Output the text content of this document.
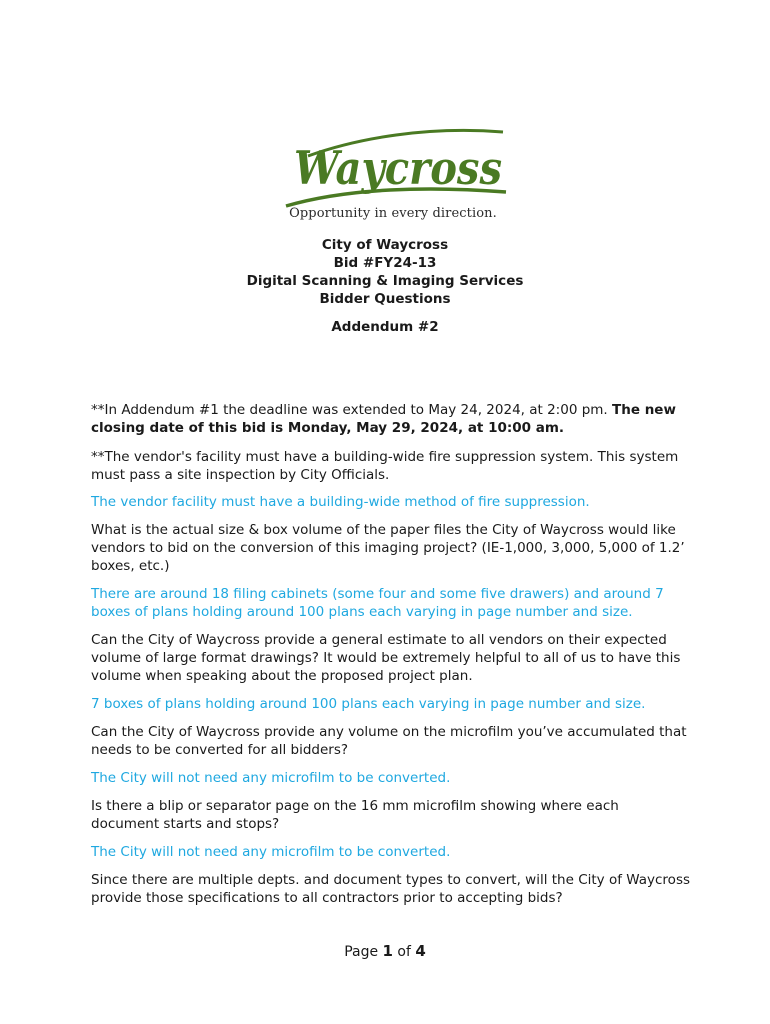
Waycross
Opportunity in every direction.
City of Waycross
Bid #FY24-13
Digital Scanning & Imaging Services
Bidder Questions
Addendum #2

**In Addendum #1 the deadline was extended to May 24, 2024, at 2:00 pm. The new closing date of this bid is Monday, May 29, 2024, at 10:00 am.

**The vendor's facility must have a building-wide fire suppression system. This system must pass a site inspection by City Officials.

The vendor facility must have a building-wide method of fire suppression.

What is the actual size & box volume of the paper files the City of Waycross would like vendors to bid on the conversion of this imaging project? (IE-1,000, 3,000, 5,000 of 1.2’ boxes, etc.)

There are around 18 filing cabinets (some four and some five drawers) and around 7 boxes of plans holding around 100 plans each varying in page number and size.

Can the City of Waycross provide a general estimate to all vendors on their expected volume of large format drawings? It would be extremely helpful to all of us to have this volume when speaking about the proposed project plan.

7 boxes of plans holding around 100 plans each varying in page number and size.

Can the City of Waycross provide any volume on the microfilm you’ve accumulated that needs to be converted for all bidders?

The City will not need any microfilm to be converted.

Is there a blip or separator page on the 16 mm microfilm showing where each document starts and stops?

The City will not need any microfilm to be converted.

Since there are multiple depts. and document types to convert, will the City of Waycross provide those specifications to all contractors prior to accepting bids?

Page 1 of 4
